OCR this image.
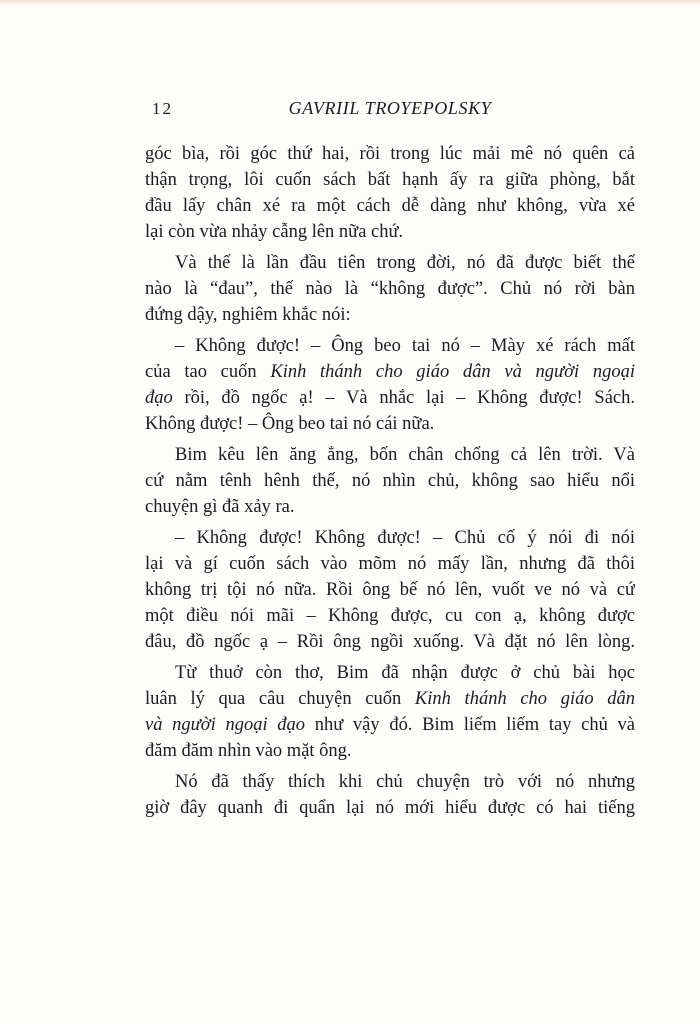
12	GAVRIIL TROYEPOLSKY
góc bìa, rồi góc thứ hai, rồi trong lúc mải mê nó quên cả
thận trọng, lôi cuốn sách bất hạnh ấy ra giữa phòng, bắt
đầu lấy chân xé ra một cách dễ dàng như không, vừa xé
lại còn vừa nhảy cẫng lên nữa chứ.
Và thế là lần đầu tiên trong đời, nó đã được biết thế
nào là “đau”, thế nào là “không được”. Chủ nó rời bàn
đứng dậy, nghiêm khắc nói:
– Không được! – Ông beo tai nó – Mày xé rách mất
của tao cuốn Kinh thánh cho giáo dân và người ngoại
đạo rồi, đồ ngốc ạ! – Và nhắc lại – Không được! Sách.
Không được! – Ông beo tai nó cái nữa.
Bim kêu lên ăng ẳng, bốn chân chổng cả lên trời. Và
cứ nằm tênh hênh thế, nó nhìn chủ, không sao hiểu nổi
chuyện gì đã xảy ra.
– Không được! Không được! – Chủ cố ý nói đi nói
lại và gí cuốn sách vào mõm nó mấy lần, nhưng đã thôi
không trị tội nó nữa. Rồi ông bế nó lên, vuốt ve nó và cứ
một điều nói mãi – Không được, cu con ạ, không được
đâu, đồ ngốc ạ – Rồi ông ngồi xuống. Và đặt nó lên lòng.
Từ thuở còn thơ, Bim đã nhận được ở chủ bài học
luân lý qua câu chuyện cuốn Kinh thánh cho giáo dân
và người ngoại đạo như vậy đó. Bim liếm liếm tay chủ và
đăm đăm nhìn vào mặt ông.
Nó đã thấy thích khi chủ chuyện trò với nó nhưng
giờ đây quanh đi quẩn lại nó mới hiểu được có hai tiếng
